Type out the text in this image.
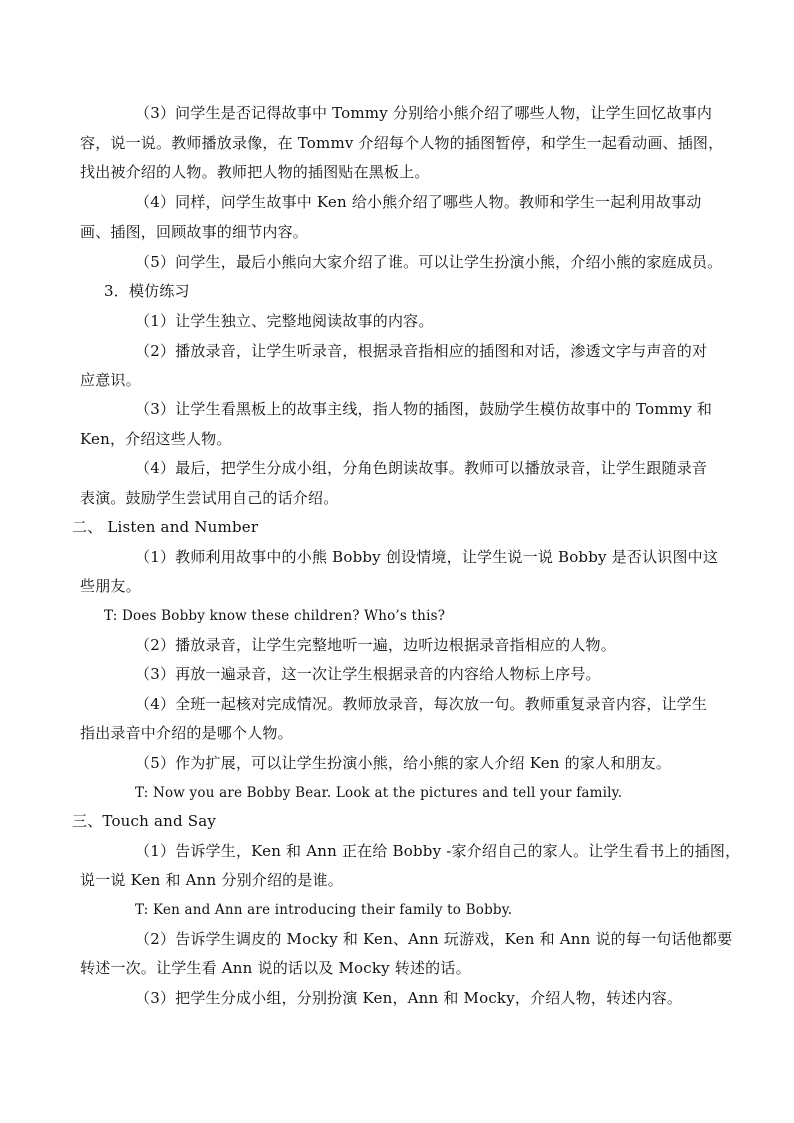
（3）问学生是否记得故事中 Tommy 分别给小熊介绍了哪些人物，让学生回忆故事内
容，说一说。教师播放录像，在 Tommv 介绍每个人物的插图暂停，和学生一起看动画、插图，
找出被介绍的人物。教师把人物的插图贴在黑板上。
（4）同样，问学生故事中 Ken 给小熊介绍了哪些人物。教师和学生一起利用故事动
画、插图，回顾故事的细节内容。
（5）问学生，最后小熊向大家介绍了谁。可以让学生扮演小熊，介绍小熊的家庭成员。
3．模仿练习
（1）让学生独立、完整地阅读故事的内容。
（2）播放录音，让学生听录音，根据录音指相应的插图和对话，渗透文字与声音的对
应意识。
（3）让学生看黑板上的故事主线，指人物的插图，鼓励学生模仿故事中的 Tommy 和
Ken，介绍这些人物。
（4）最后，把学生分成小组，分角色朗读故事。教师可以播放录音，让学生跟随录音
表演。鼓励学生尝试用自己的话介绍。
二、 Listen and Number
（1）教师利用故事中的小熊 Bobby 创设情境，让学生说一说 Bobby 是否认识图中这
些朋友。
T: Does Bobby know these children? Who’s this?
（2）播放录音，让学生完整地听一遍，边听边根据录音指相应的人物。
（3）再放一遍录音，这一次让学生根据录音的内容给人物标上序号。
（4）全班一起核对完成情况。教师放录音，每次放一句。教师重复录音内容，让学生
指出录音中介绍的是哪个人物。
（5）作为扩展，可以让学生扮演小熊，给小熊的家人介绍 Ken 的家人和朋友。
T: Now you are Bobby Bear. Look at the pictures and tell your family.
三、Touch and Say
（1）告诉学生，Ken 和 Ann 正在给 Bobby -家介绍自己的家人。让学生看书上的插图，
说一说 Ken 和 Ann 分别介绍的是谁。
T: Ken and Ann are introducing their family to Bobby.
（2）告诉学生调皮的 Mocky 和 Ken、Ann 玩游戏，Ken 和 Ann 说的每一句话他都要
转述一次。让学生看 Ann 说的话以及 Mocky 转述的话。
（3）把学生分成小组，分别扮演 Ken，Ann 和 Mocky，介绍人物，转述内容。
